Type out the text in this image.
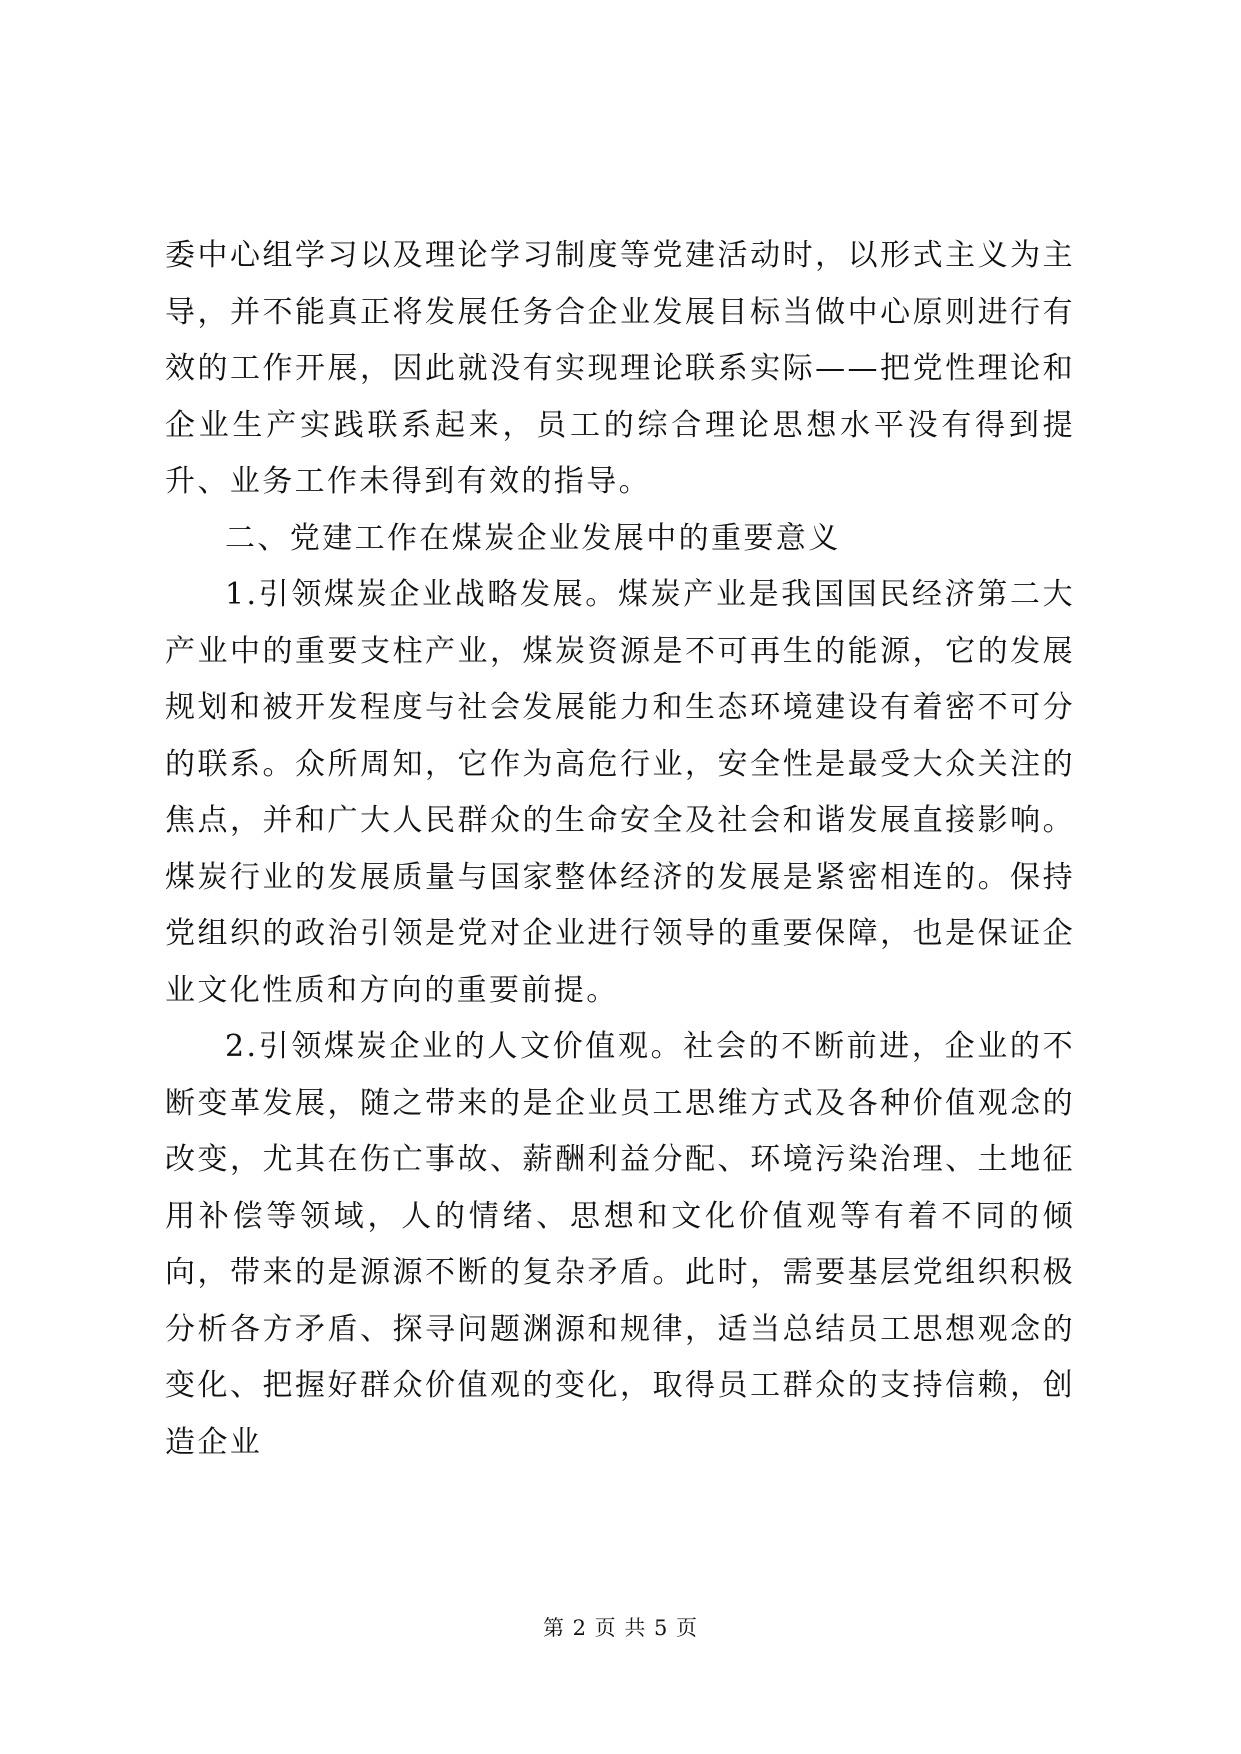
委中心组学习以及理论学习制度等党建活动时，以形式主义为主导，并不能真正将发展任务合企业发展目标当做中心原则进行有效的工作开展，因此就没有实现理论联系实际——把党性理论和企业生产实践联系起来，员工的综合理论思想水平没有得到提升、业务工作未得到有效的指导。

二、党建工作在煤炭企业发展中的重要意义

1.引领煤炭企业战略发展。煤炭产业是我国国民经济第二大产业中的重要支柱产业，煤炭资源是不可再生的能源，它的发展规划和被开发程度与社会发展能力和生态环境建设有着密不可分的联系。众所周知，它作为高危行业，安全性是最受大众关注的焦点，并和广大人民群众的生命安全及社会和谐发展直接影响。煤炭行业的发展质量与国家整体经济的发展是紧密相连的。保持党组织的政治引领是党对企业进行领导的重要保障，也是保证企业文化性质和方向的重要前提。

2.引领煤炭企业的人文价值观。社会的不断前进，企业的不断变革发展，随之带来的是企业员工思维方式及各种价值观念的改变，尤其在伤亡事故、薪酬利益分配、环境污染治理、土地征用补偿等领域，人的情绪、思想和文化价值观等有着不同的倾向，带来的是源源不断的复杂矛盾。此时，需要基层党组织积极分析各方矛盾、探寻问题渊源和规律，适当总结员工思想观念的变化、把握好群众价值观的变化，取得员工群众的支持信赖，创造企业

第 2 页 共 5 页
